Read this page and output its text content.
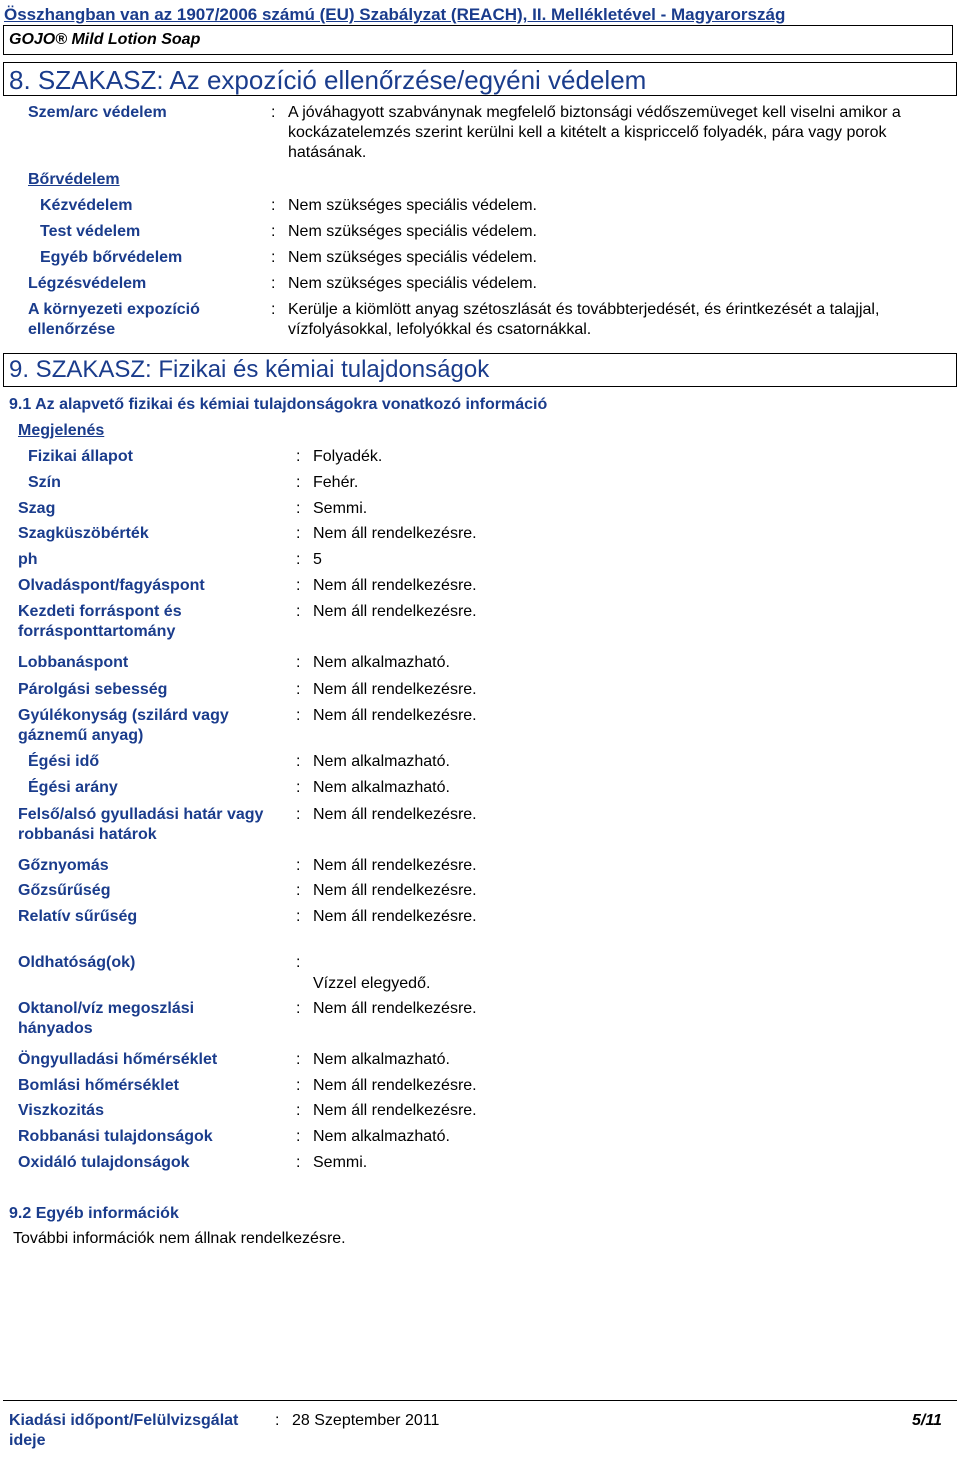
Összhangban van az 1907/2006 számú (EU) Szabályzat (REACH), II. Mellékletével - Magyarország
GOJO® Mild Lotion Soap
8. SZAKASZ: Az expozíció ellenőrzése/egyéni védelem
Szem/arc védelem	: A jóváhagyott szabványnak megfelelő biztonsági védőszemüveget kell viselni amikor a kockázatelemzés szerint kerülni kell a kitételt a kispriccelő folyadék, pára vagy porok hatásának.
Bőrvédelem
Kézvédelem	: Nem szükséges speciális védelem.
Test védelem	: Nem szükséges speciális védelem.
Egyéb bőrvédelem	: Nem szükséges speciális védelem.
Légzésvédelem	: Nem szükséges speciális védelem.
A környezeti expozíció ellenőrzése
: Kerülje a kiömlött anyag szétoszlását és továbbterjedését, és érintkezését a talajjal, vízfolyásokkal, lefolyókkal és csatornákkal.
9. SZAKASZ: Fizikai és kémiai tulajdonságok
9.1 Az alapvető fizikai és kémiai tulajdonságokra vonatkozó információ
Megjelenés
Fizikai állapot	: Folyadék.
Szín	: Fehér.
Szag	: Semmi.
Szagküszöbérték	: Nem áll rendelkezésre.
ph	: 5
Olvadáspont/fagyáspont	: Nem áll rendelkezésre.
Kezdeti forráspont és forrásponttartomány
: Nem áll rendelkezésre.
Lobbanáspont	: Nem alkalmazható.
Párolgási sebesség	: Nem áll rendelkezésre.
Gyúlékonyság (szilárd vagy gáznemű anyag)
: Nem áll rendelkezésre.
Égési idő	: Nem alkalmazható.
Égési arány	: Nem alkalmazható.
Felső/alsó gyulladási határ vagy robbanási határok
: Nem áll rendelkezésre.
Gőznyomás	: Nem áll rendelkezésre.
Gőzsűrűség	: Nem áll rendelkezésre.
Relatív sűrűség	: Nem áll rendelkezésre.
Oldhatóság(ok)	:
Vízzel elegyedő.
Oktanol/víz megoszlási hányados
: Nem áll rendelkezésre.
Öngyulladási hőmérséklet	: Nem alkalmazható.
Bomlási hőmérséklet	: Nem áll rendelkezésre.
Viszkozitás	: Nem áll rendelkezésre.
Robbanási tulajdonságok	: Nem alkalmazható.
Oxidáló tulajdonságok	: Semmi.
9.2 Egyéb információk
További információk nem állnak rendelkezésre.
Kiadási időpont/Felülvizsgálat ideje
: 28 Szeptember 2011	5/11
